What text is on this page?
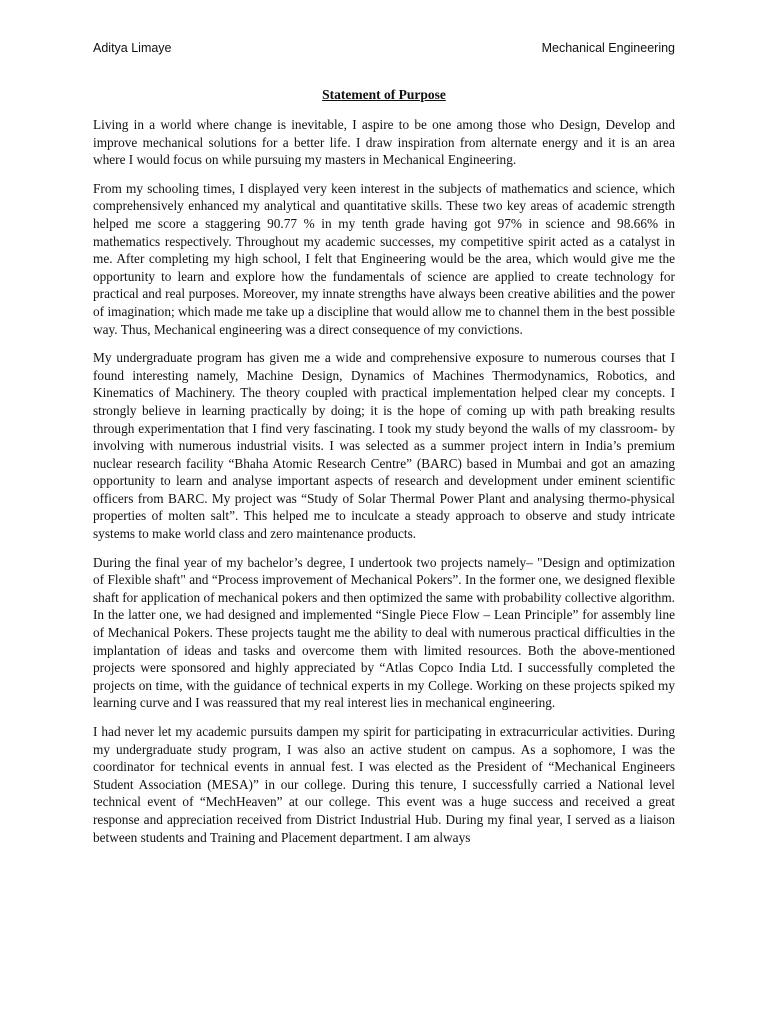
Aditya Limaye	Mechanical Engineering
Statement of Purpose

Living in a world where change is inevitable, I aspire to be one among those who Design, Develop and improve mechanical solutions for a better life. I draw inspiration from alternate energy and it is an area where I would focus on while pursuing my masters in Mechanical Engineering.

From my schooling times, I displayed very keen interest in the subjects of mathematics and science, which comprehensively enhanced my analytical and quantitative skills. These two key areas of academic strength helped me score a staggering 90.77 % in my tenth grade having got 97% in science and 98.66% in mathematics respectively. Throughout my academic successes, my competitive spirit acted as a catalyst in me. After completing my high school, I felt that Engineering would be the area, which would give me the opportunity to learn and explore how the fundamentals of science are applied to create technology for practical and real purposes. Moreover, my innate strengths have always been creative abilities and the power of imagination; which made me take up a discipline that would allow me to channel them in the best possible way. Thus, Mechanical engineering was a direct consequence of my convictions.

My undergraduate program has given me a wide and comprehensive exposure to numerous courses that I found interesting namely, Machine Design, Dynamics of Machines Thermodynamics, Robotics, and Kinematics of Machinery. The theory coupled with practical implementation helped clear my concepts. I strongly believe in learning practically by doing; it is the hope of coming up with path breaking results through experimentation that I find very fascinating. I took my study beyond the walls of my classroom- by involving with numerous industrial visits. I was selected as a summer project intern in India’s premium nuclear research facility “Bhaha Atomic Research Centre” (BARC) based in Mumbai and got an amazing opportunity to learn and analyse important aspects of research and development under eminent scientific officers from BARC. My project was “Study of Solar Thermal Power Plant and analysing thermo-physical properties of molten salt”. This helped me to inculcate a steady approach to observe and study intricate systems to make world class and zero maintenance products.

During the final year of my bachelor’s degree, I undertook two projects namely– "Design and optimization of Flexible shaft" and “Process improvement of Mechanical Pokers”. In the former one, we designed flexible shaft for application of mechanical pokers and then optimized the same with probability collective algorithm. In the latter one, we had designed and implemented “Single Piece Flow – Lean Principle” for assembly line of Mechanical Pokers. These projects taught me the ability to deal with numerous practical difficulties in the implantation of ideas and tasks and overcome them with limited resources. Both the above-mentioned projects were sponsored and highly appreciated by “Atlas Copco India Ltd. I successfully completed the projects on time, with the guidance of technical experts in my College. Working on these projects spiked my learning curve and I was reassured that my real interest lies in mechanical engineering.

I had never let my academic pursuits dampen my spirit for participating in extracurricular activities. During my undergraduate study program, I was also an active student on campus. As a sophomore, I was the coordinator for technical events in annual fest. I was elected as the President of “Mechanical Engineers Student Association (MESA)” in our college. During this tenure, I successfully carried a National level technical event of “MechHeaven” at our college. This event was a huge success and received a great response and appreciation received from District Industrial Hub. During my final year, I served as a liaison between students and Training and Placement department. I am always
